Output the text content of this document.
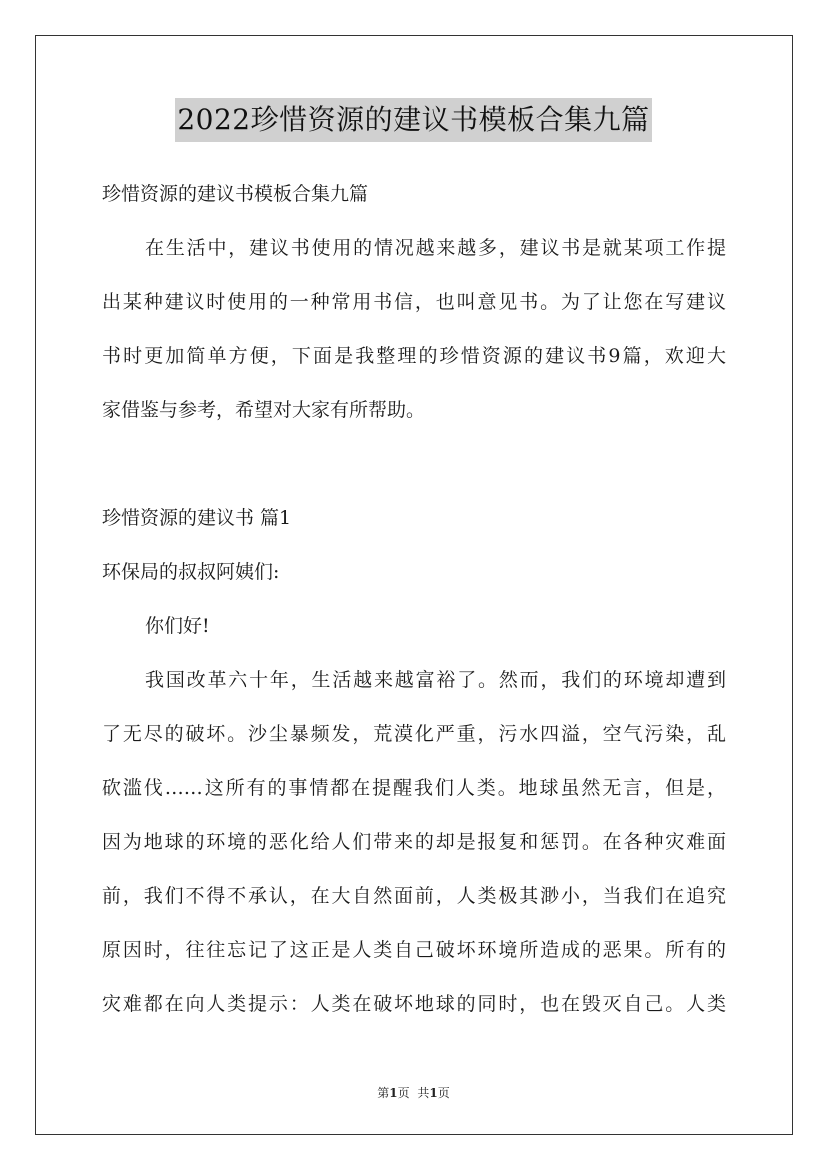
2022珍惜资源的建议书模板合集九篇
珍惜资源的建议书模板合集九篇
在生活中，建议书使用的情况越来越多，建议书是就某项工作提
出某种建议时使用的一种常用书信，也叫意见书。为了让您在写建议
书时更加简单方便，下面是我整理的珍惜资源的建议书9篇，欢迎大
家借鉴与参考，希望对大家有所帮助。
珍惜资源的建议书 篇1
环保局的叔叔阿姨们:
你们好!
我国改革六十年，生活越来越富裕了。然而，我们的环境却遭到
了无尽的破坏。沙尘暴频发，荒漠化严重，污水四溢，空气污染，乱
砍滥伐……这所有的事情都在提醒我们人类。地球虽然无言，但是，
因为地球的环境的恶化给人们带来的却是报复和惩罚。在各种灾难面
前，我们不得不承认，在大自然面前，人类极其渺小，当我们在追究
原因时，往往忘记了这正是人类自己破坏环境所造成的恶果。所有的
灾难都在向人类提示：人类在破坏地球的同时，也在毁灭自己。人类
第1页 共1页
